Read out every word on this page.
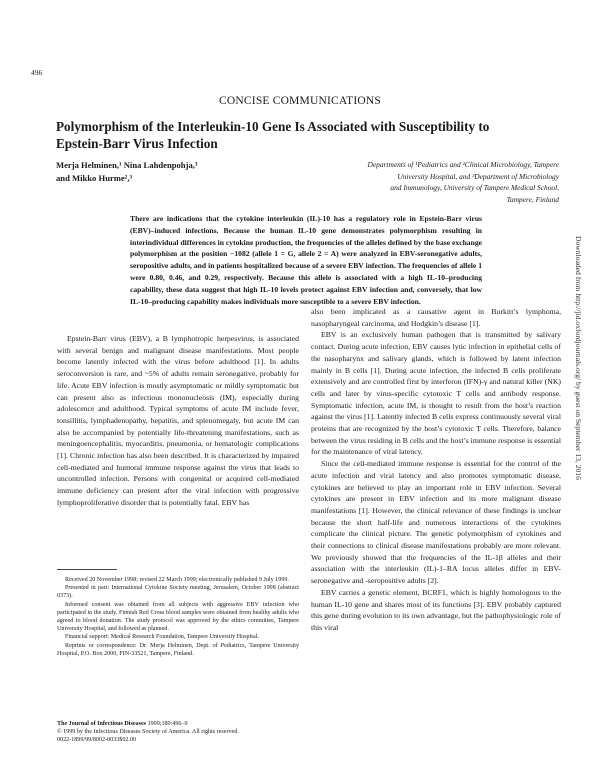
496
CONCISE COMMUNICATIONS
Polymorphism of the Interleukin-10 Gene Is Associated with Susceptibility to Epstein-Barr Virus Infection
Merja Helminen,¹ Nina Lahdenpohja,³
and Mikko Hurme²,³
Departments of ¹Pediatrics and ²Clinical Microbiology, Tampere
University Hospital, and ³Department of Microbiology
and Immunology, University of Tampere Medical School,
Tampere, Finland
There are indications that the cytokine interleukin (IL)-10 has a regulatory role in Epstein-Barr virus (EBV)–induced infections. Because the human IL-10 gene demonstrates polymorphism resulting in interindividual differences in cytokine production, the frequencies of the alleles defined by the base exchange polymorphism at the position −1082 (allele 1 = G, allele 2 = A) were analyzed in EBV-seronegative adults, seropositive adults, and in patients hospitalized because of a severe EBV infection. The frequencies of allele 1 were 0.80, 0.46, and 0.29, respectively. Because this allele is associated with a high IL-10–producing capability, these data suggest that high IL-10 levels protect against EBV infection and, conversely, that low IL-10–producing capability makes individuals more susceptible to a severe EBV infection.

Epstein-Barr virus (EBV), a B lymphotropic herpesvirus, is associated with several benign and malignant disease manifestations. Most people become latently infected with the virus before adulthood [1]. In adults seroconversion is rare, and ~5% of adults remain seronegative, probably for life. Acute EBV infection is mostly asymptomatic or mildly symptomatic but can present also as infectious mononucleosis (IM), especially during adolescence and adulthood. Typical symptoms of acute IM include fever, tonsillitis, lymphadenopathy, hepatitis, and splenomegaly, but acute IM can also be accompanied by potentially life-threatening manifestations, such as meningoencephalitis, myocarditis, pneumonia, or hematologic complications [1]. Chronic infection has also been described. It is characterized by impaired cell-mediated and humoral immune response against the virus that leads to uncontrolled infection. Persons with congenital or acquired cell-mediated immune deficiency can present after the viral infection with progressive lymphoproliferative disorder that is potentially fatal. EBV has

also been implicated as a causative agent in Burkitt’s lymphoma, nasopharyngeal carcinoma, and Hodgkin’s disease [1].

EBV is an exclusively human pathogen that is transmitted by salivary contact. During acute infection, EBV causes lytic infection in epithelial cells of the nasopharynx and salivary glands, which is followed by latent infection mainly in B cells [1]. During acute infection, the infected B cells proliferate extensively and are controlled first by interferon (IFN)-γ and natural killer (NK) cells and later by virus-specific cytotoxic T cells and antibody response. Symptomatic infection, acute IM, is thought to result from the host’s reaction against the virus [1]. Latently infected B cells express continuously several viral proteins that are recognized by the host’s cytotoxic T cells. Therefore, balance between the virus residing in B cells and the host’s immune response is essential for the maintenance of viral latency.

Since the cell-mediated immune response is essential for the control of the acute infection and viral latency and also promotes symptomatic disease, cytokines are believed to play an important role in EBV infection. Several cytokines are present in EBV infection and its more malignant disease manifestations [1]. However, the clinical relevance of these findings is unclear because the short half-life and numerous interactions of the cytokines complicate the clinical picture. The genetic polymorphism of cytokines and their connections to clinical disease manifestations probably are more relevant. We previously showed that the frequencies of the IL-1β alleles and their association with the interleukin (IL)-1–RA locus alleles differ in EBV-seronegative and -seropositive adults [2].

EBV carries a genetic element, BCRF1, which is highly homologous to the human IL-10 gene and shares most of its functions [3]. EBV probably captured this gene during evolution to its own advantage, but the pathophysiologic role of this viral

Received 20 November 1998; revised 22 March 1999; electronically published 9 July 1999.

Presented in part: International Cytokine Society meeting, Jerusalem, October 1998 (abstract 0373).

Informed consent was obtained from all subjects with aggressive EBV infection who participated in the study. Finnish Red Cross blood samples were obtained from healthy adults who agreed to blood donation. The study protocol was approved by the ethics committee, Tampere University Hospital, and followed as planned.

Financial support: Medical Research Foundation, Tampere University Hospital.

Reprints or correspondence: Dr. Merja Helminen, Dept. of Pediatrics, Tampere University Hospital, P.O. Box 2000, FIN-33521, Tampere, Finland.

The Journal of Infectious Diseases 1999;180:496–9
© 1999 by the Infectious Diseases Society of America. All rights reserved.
0022-1899/99/8002-0033$02.00
Downloaded from http://jid.oxfordjournals.org/ by guest on September 13, 2016
